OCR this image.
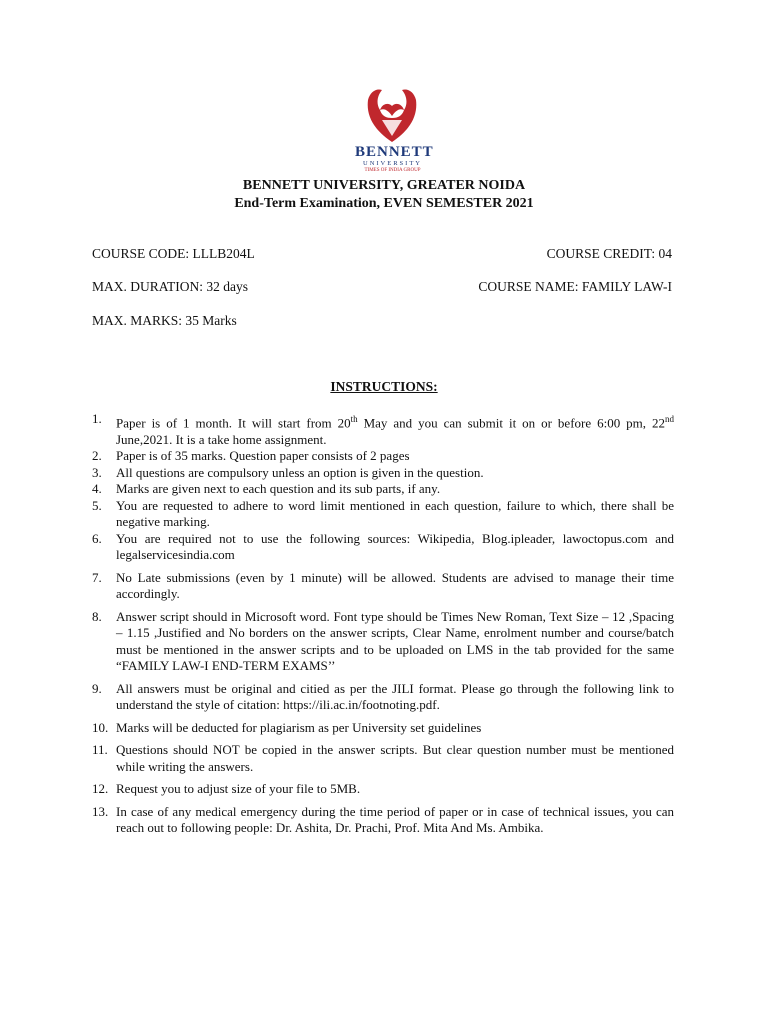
BENNETT
UNIVERSITY
TIMES OF INDIA GROUP
BENNETT UNIVERSITY, GREATER NOIDA
End-Term Examination, EVEN SEMESTER 2021
COURSE CODE: LLLB204L	COURSE CREDIT: 04
MAX. DURATION: 32 days	COURSE NAME: FAMILY LAW-I
MAX. MARKS: 35 Marks
INSTRUCTIONS:
1. Paper is of 1 month. It will start from 20th May and you can submit it on or before 6:00 pm, 22nd June,2021. It is a take home assignment.
2. Paper is of 35 marks. Question paper consists of 2 pages
3. All questions are compulsory unless an option is given in the question.
4. Marks are given next to each question and its sub parts, if any.
5. You are requested to adhere to word limit mentioned in each question, failure to which, there shall be negative marking.
6. You are required not to use the following sources: Wikipedia, Blog.ipleader, lawoctopus.com and legalservicesindia.com
7. No Late submissions (even by 1 minute) will be allowed. Students are advised to manage their time accordingly.
8. Answer script should in Microsoft word. Font type should be Times New Roman, Text Size – 12 ,Spacing – 1.15 ,Justified and No borders on the answer scripts, Clear Name, enrolment number and course/batch must be mentioned in the answer scripts and to be uploaded on LMS in the tab provided for the same “FAMILY LAW-I END-TERM EXAMS’’
9. All answers must be original and citied as per the JILI format. Please go through the following link to understand the style of citation: https://ili.ac.in/footnoting.pdf.
10. Marks will be deducted for plagiarism as per University set guidelines
11. Questions should NOT be copied in the answer scripts. But clear question number must be mentioned while writing the answers.
12. Request you to adjust size of your file to 5MB.
13. In case of any medical emergency during the time period of paper or in case of technical issues, you can reach out to following people: Dr. Ashita, Dr. Prachi, Prof. Mita And Ms. Ambika.
